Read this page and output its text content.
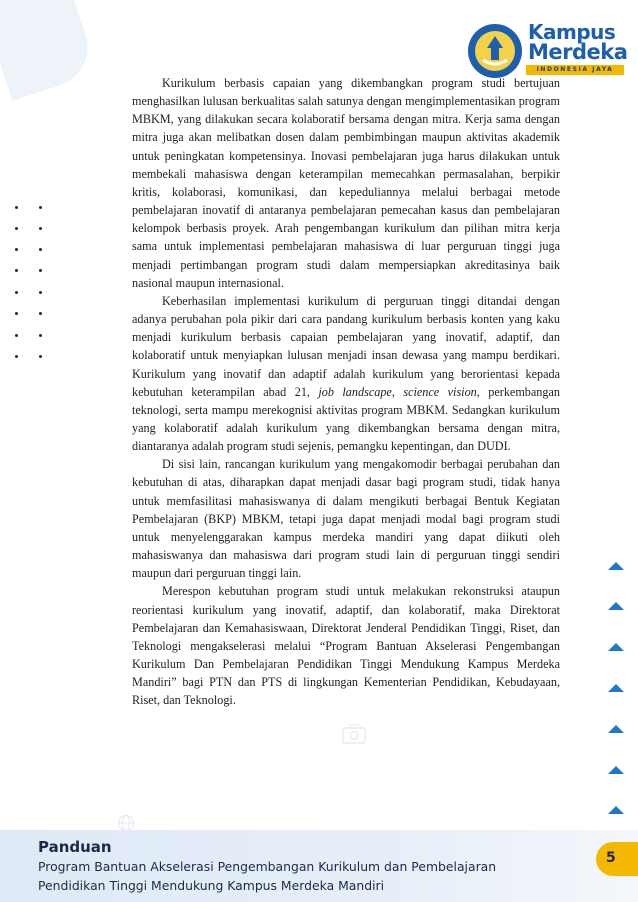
Kampus
Merdeka
INDONESIA JAYA

Kurikulum berbasis capaian yang dikembangkan program studi bertujuan menghasilkan lulusan berkualitas salah satunya dengan mengimplementasikan program MBKM, yang dilakukan secara kolaboratif bersama dengan mitra. Kerja sama dengan mitra juga akan melibatkan dosen dalam pembimbingan maupun aktivitas akademik untuk peningkatan kompetensinya. Inovasi pembelajaran juga harus dilakukan untuk membekali mahasiswa dengan keterampilan memecahkan permasalahan, berpikir kritis, kolaborasi, komunikasi, dan kepeduliannya melalui berbagai metode pembelajaran inovatif di antaranya pembelajaran pemecahan kasus dan pembelajaran kelompok berbasis proyek. Arah pengembangan kurikulum dan pilihan mitra kerja sama untuk implementasi pembelajaran mahasiswa di luar perguruan tinggi juga menjadi pertimbangan program studi dalam mempersiapkan akreditasinya baik nasional maupun internasional.

Keberhasilan implementasi kurikulum di perguruan tinggi ditandai dengan adanya perubahan pola pikir dari cara pandang kurikulum berbasis konten yang kaku menjadi kurikulum berbasis capaian pembelajaran yang inovatif, adaptif, dan kolaboratif untuk menyiapkan lulusan menjadi insan dewasa yang mampu berdikari. Kurikulum yang inovatif dan adaptif adalah kurikulum yang berorientasi kepada kebutuhan keterampilan abad 21, job landscape, science vision, perkembangan teknologi, serta mampu merekognisi aktivitas program MBKM. Sedangkan kurikulum yang kolaboratif adalah kurikulum yang dikembangkan bersama dengan mitra, diantaranya adalah program studi sejenis, pemangku kepentingan, dan DUDI.

Di sisi lain, rancangan kurikulum yang mengakomodir berbagai perubahan dan kebutuhan di atas, diharapkan dapat menjadi dasar bagi program studi, tidak hanya untuk memfasilitasi mahasiswanya di dalam mengikuti berbagai Bentuk Kegiatan Pembelajaran (BKP) MBKM, tetapi juga dapat menjadi modal bagi program studi untuk menyelenggarakan kampus merdeka mandiri yang dapat diikuti oleh mahasiswanya dan mahasiswa dari program studi lain di perguruan tinggi sendiri maupun dari perguruan tinggi lain.

Merespon kebutuhan program studi untuk melakukan rekonstruksi ataupun reorientasi kurikulum yang inovatif, adaptif, dan kolaboratif, maka Direktorat Pembelajaran dan Kemahasiswaan, Direktorat Jenderal Pendidikan Tinggi, Riset, dan Teknologi mengakselerasi melalui “Program Bantuan Akselerasi Pengembangan Kurikulum Dan Pembelajaran Pendidikan Tinggi Mendukung Kampus Merdeka Mandiri” bagi PTN dan PTS di lingkungan Kementerian Pendidikan, Kebudayaan, Riset, dan Teknologi.

Panduan
Program Bantuan Akselerasi Pengembangan Kurikulum dan Pembelajaran
Pendidikan Tinggi Mendukung Kampus Merdeka Mandiri
5
